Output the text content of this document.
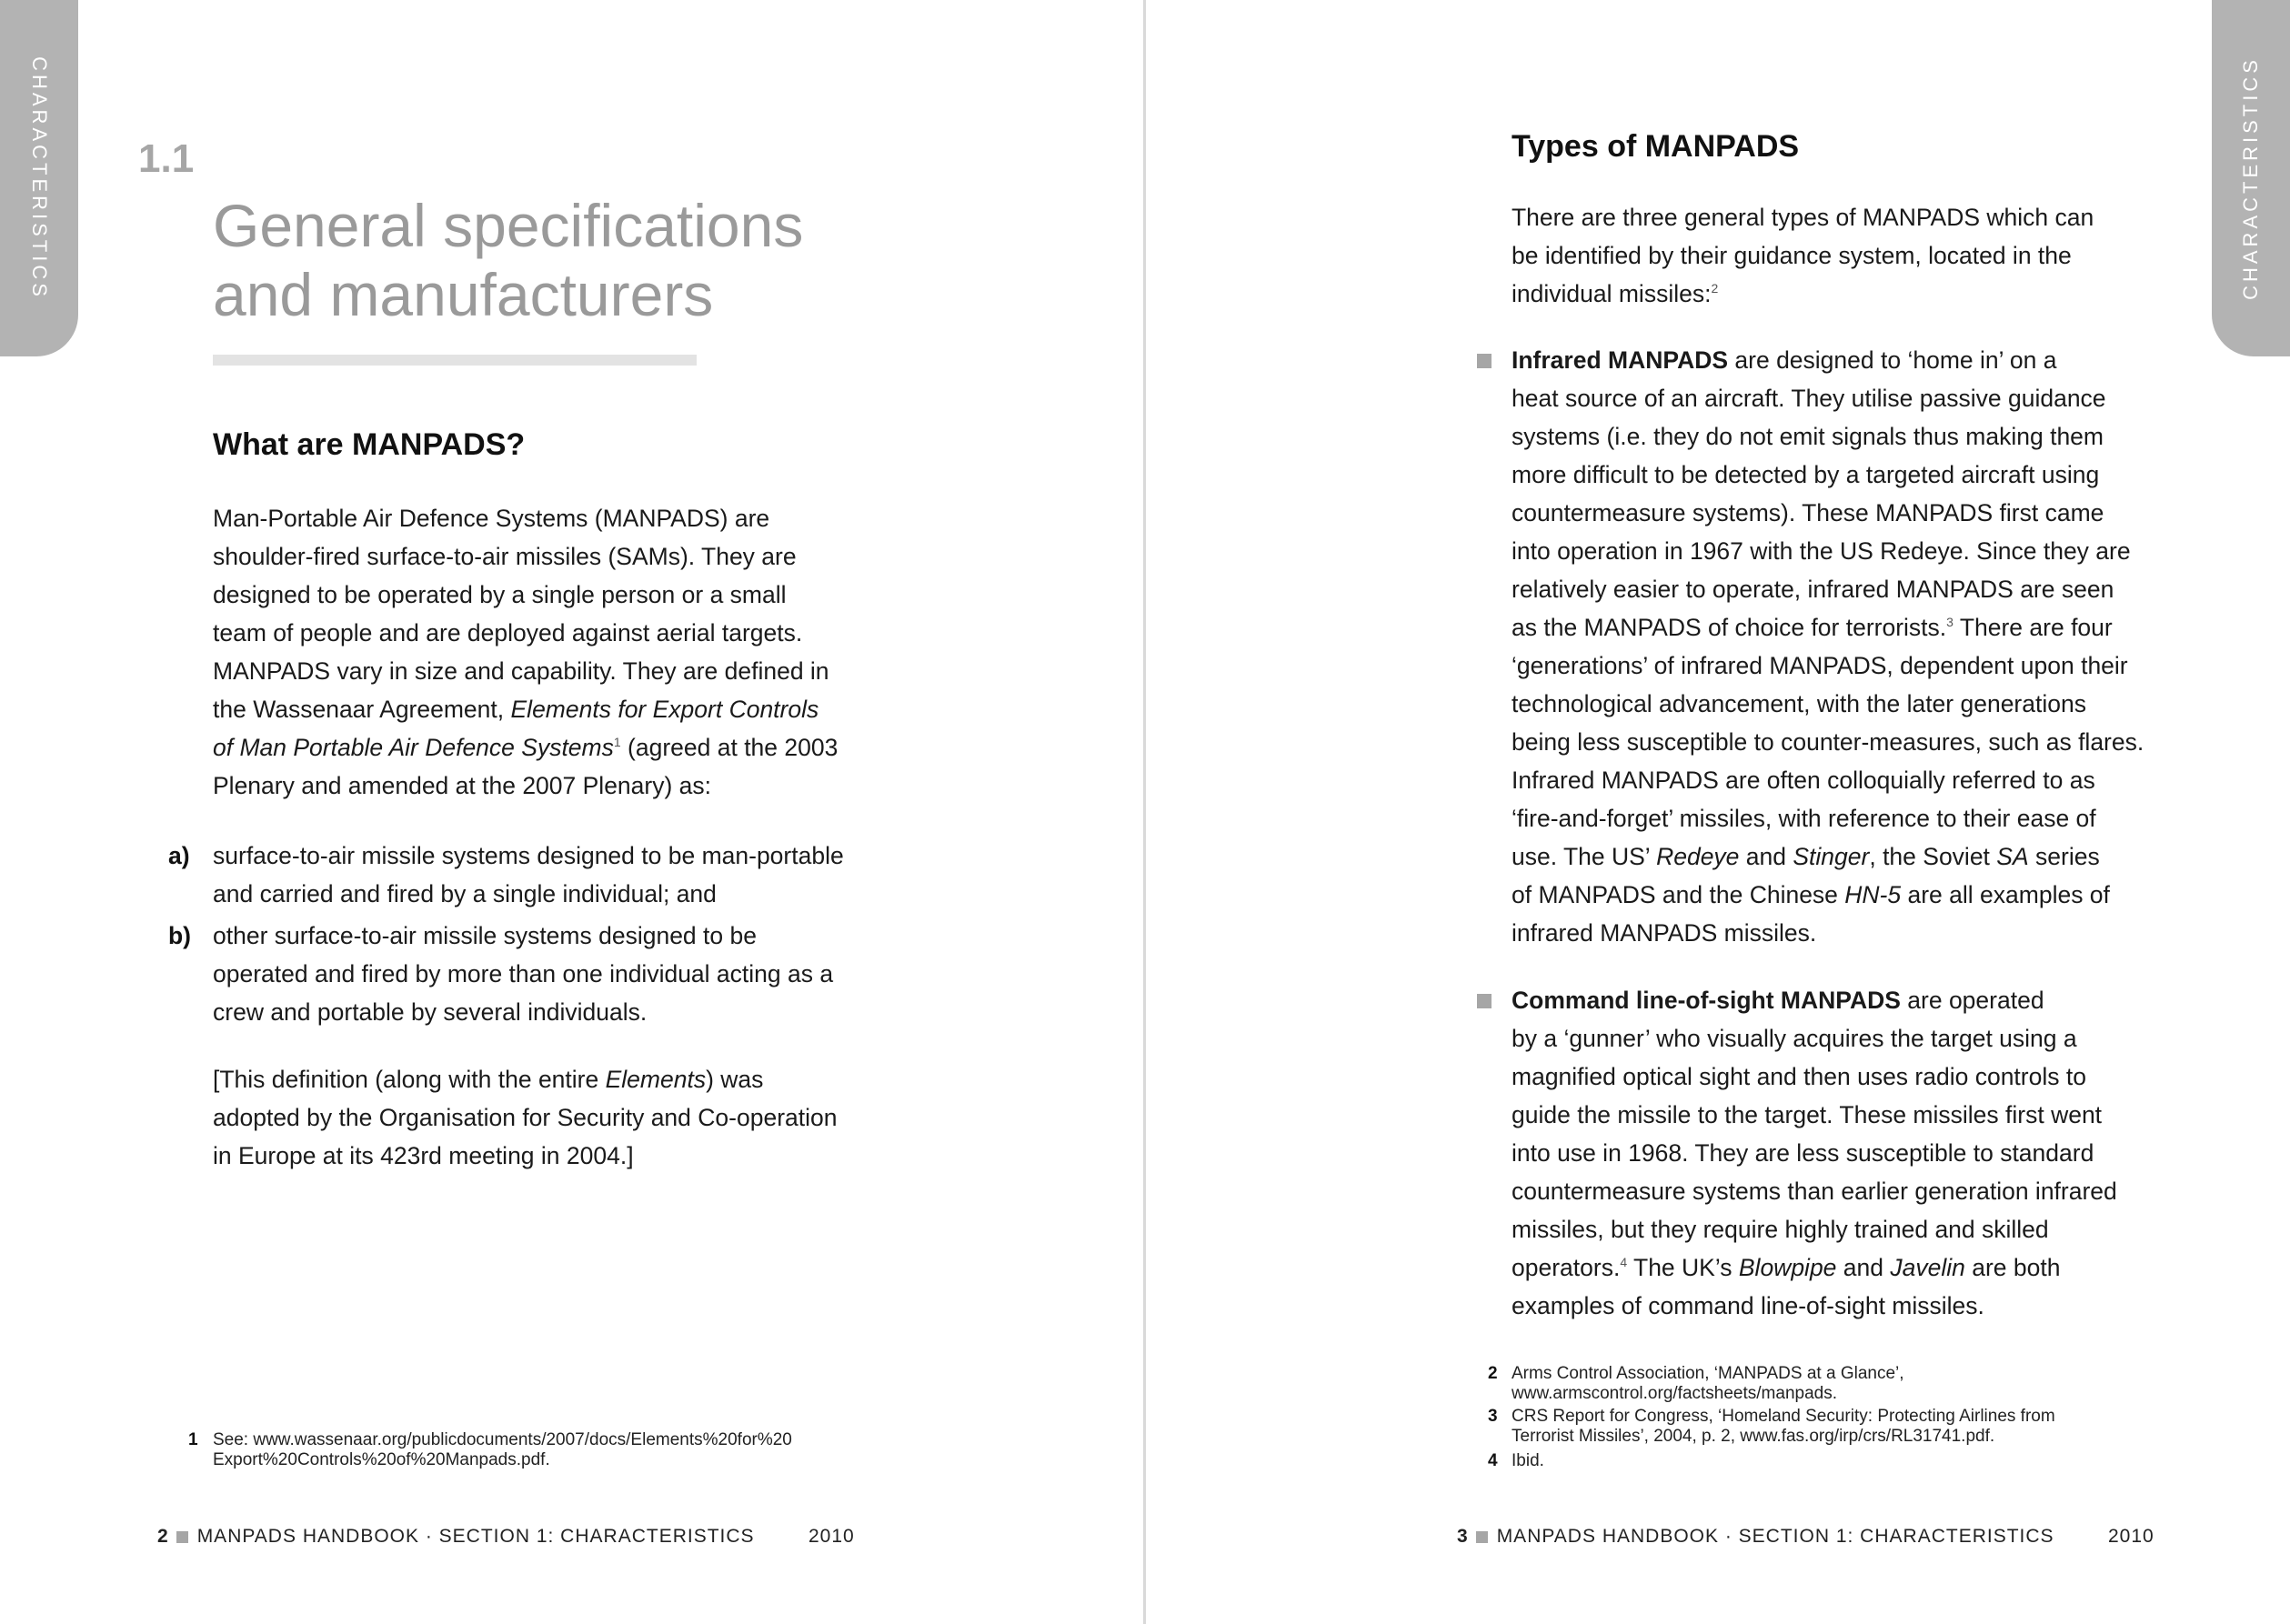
CHARACTERISTICS 1.1
General specifications
and manufacturers
What are MANPADS?

Man-Portable Air Defence Systems (MANPADS) are

shoulder-fired surface-to-air missiles (SAMs). They are

designed to be operated by a single person or a small

team of people and are deployed against aerial targets.

MANPADS vary in size and capability. They are defined in

the Wassenaar Agreement, Elements for Export Controls

of Man Portable Air Defence Systems$^1$ (agreed at the 2003

Plenary and amended at the 2007 Plenary) as:

a) surface-to-air missile systems designed to be man-portable
and carried and fired by a single individual; and
b) other surface-to-air missile systems designed to be
operated and fired by more than one individual acting as a
crew and portable by several individuals.

[This definition (along with the entire Elements) was

adopted by the Organisation for Security and Co-operation

in Europe at its 423rd meeting in 2004.]

1 See: www.wassenaar.org/publicdocuments/2007/docs/Elements%20for%20
Export%20Controls%20of%20Manpads.pdf.
2 MANPADS HANDBOOK · SECTION 1: CHARACTERISTICS	2010
CHARACTERISTICS
Types of MANPADS

There are three general types of MANPADS which can

be identified by their guidance system, located in the

individual missiles:$^2$

Infrared MANPADS are designed to ‘home in’ on a

heat source of an aircraft. They utilise passive guidance

systems (i.e. they do not emit signals thus making them

more difficult to be detected by a targeted aircraft using

countermeasure systems). These MANPADS first came

into operation in 1967 with the US Redeye. Since they are

relatively easier to operate, infrared MANPADS are seen

as the MANPADS of choice for terrorists.$^3$ There are four

‘generations’ of infrared MANPADS, dependent upon their

technological advancement, with the later generations

being less susceptible to counter-measures, such as flares.

Infrared MANPADS are often colloquially referred to as

‘fire-and-forget’ missiles, with reference to their ease of

use. The US’ Redeye and Stinger, the Soviet SA series

of MANPADS and the Chinese HN-5 are all examples of

infrared MANPADS missiles.

Command line-of-sight MANPADS are operated

by a ‘gunner’ who visually acquires the target using a

magnified optical sight and then uses radio controls to

guide the missile to the target. These missiles first went

into use in 1968. They are less susceptible to standard

countermeasure systems than earlier generation infrared

missiles, but they require highly trained and skilled

operators.$^4$ The UK’s Blowpipe and Javelin are both

examples of command line-of-sight missiles.

2 Arms Control Association, ‘MANPADS at a Glance’,
www.armscontrol.org/factsheets/manpads.
3 CRS Report for Congress, ‘Homeland Security: Protecting Airlines from
Terrorist Missiles’, 2004, p. 2, www.fas.org/irp/crs/RL31741.pdf.
4 Ibid.
3 MANPADS HANDBOOK · SECTION 1: CHARACTERISTICS	2010
